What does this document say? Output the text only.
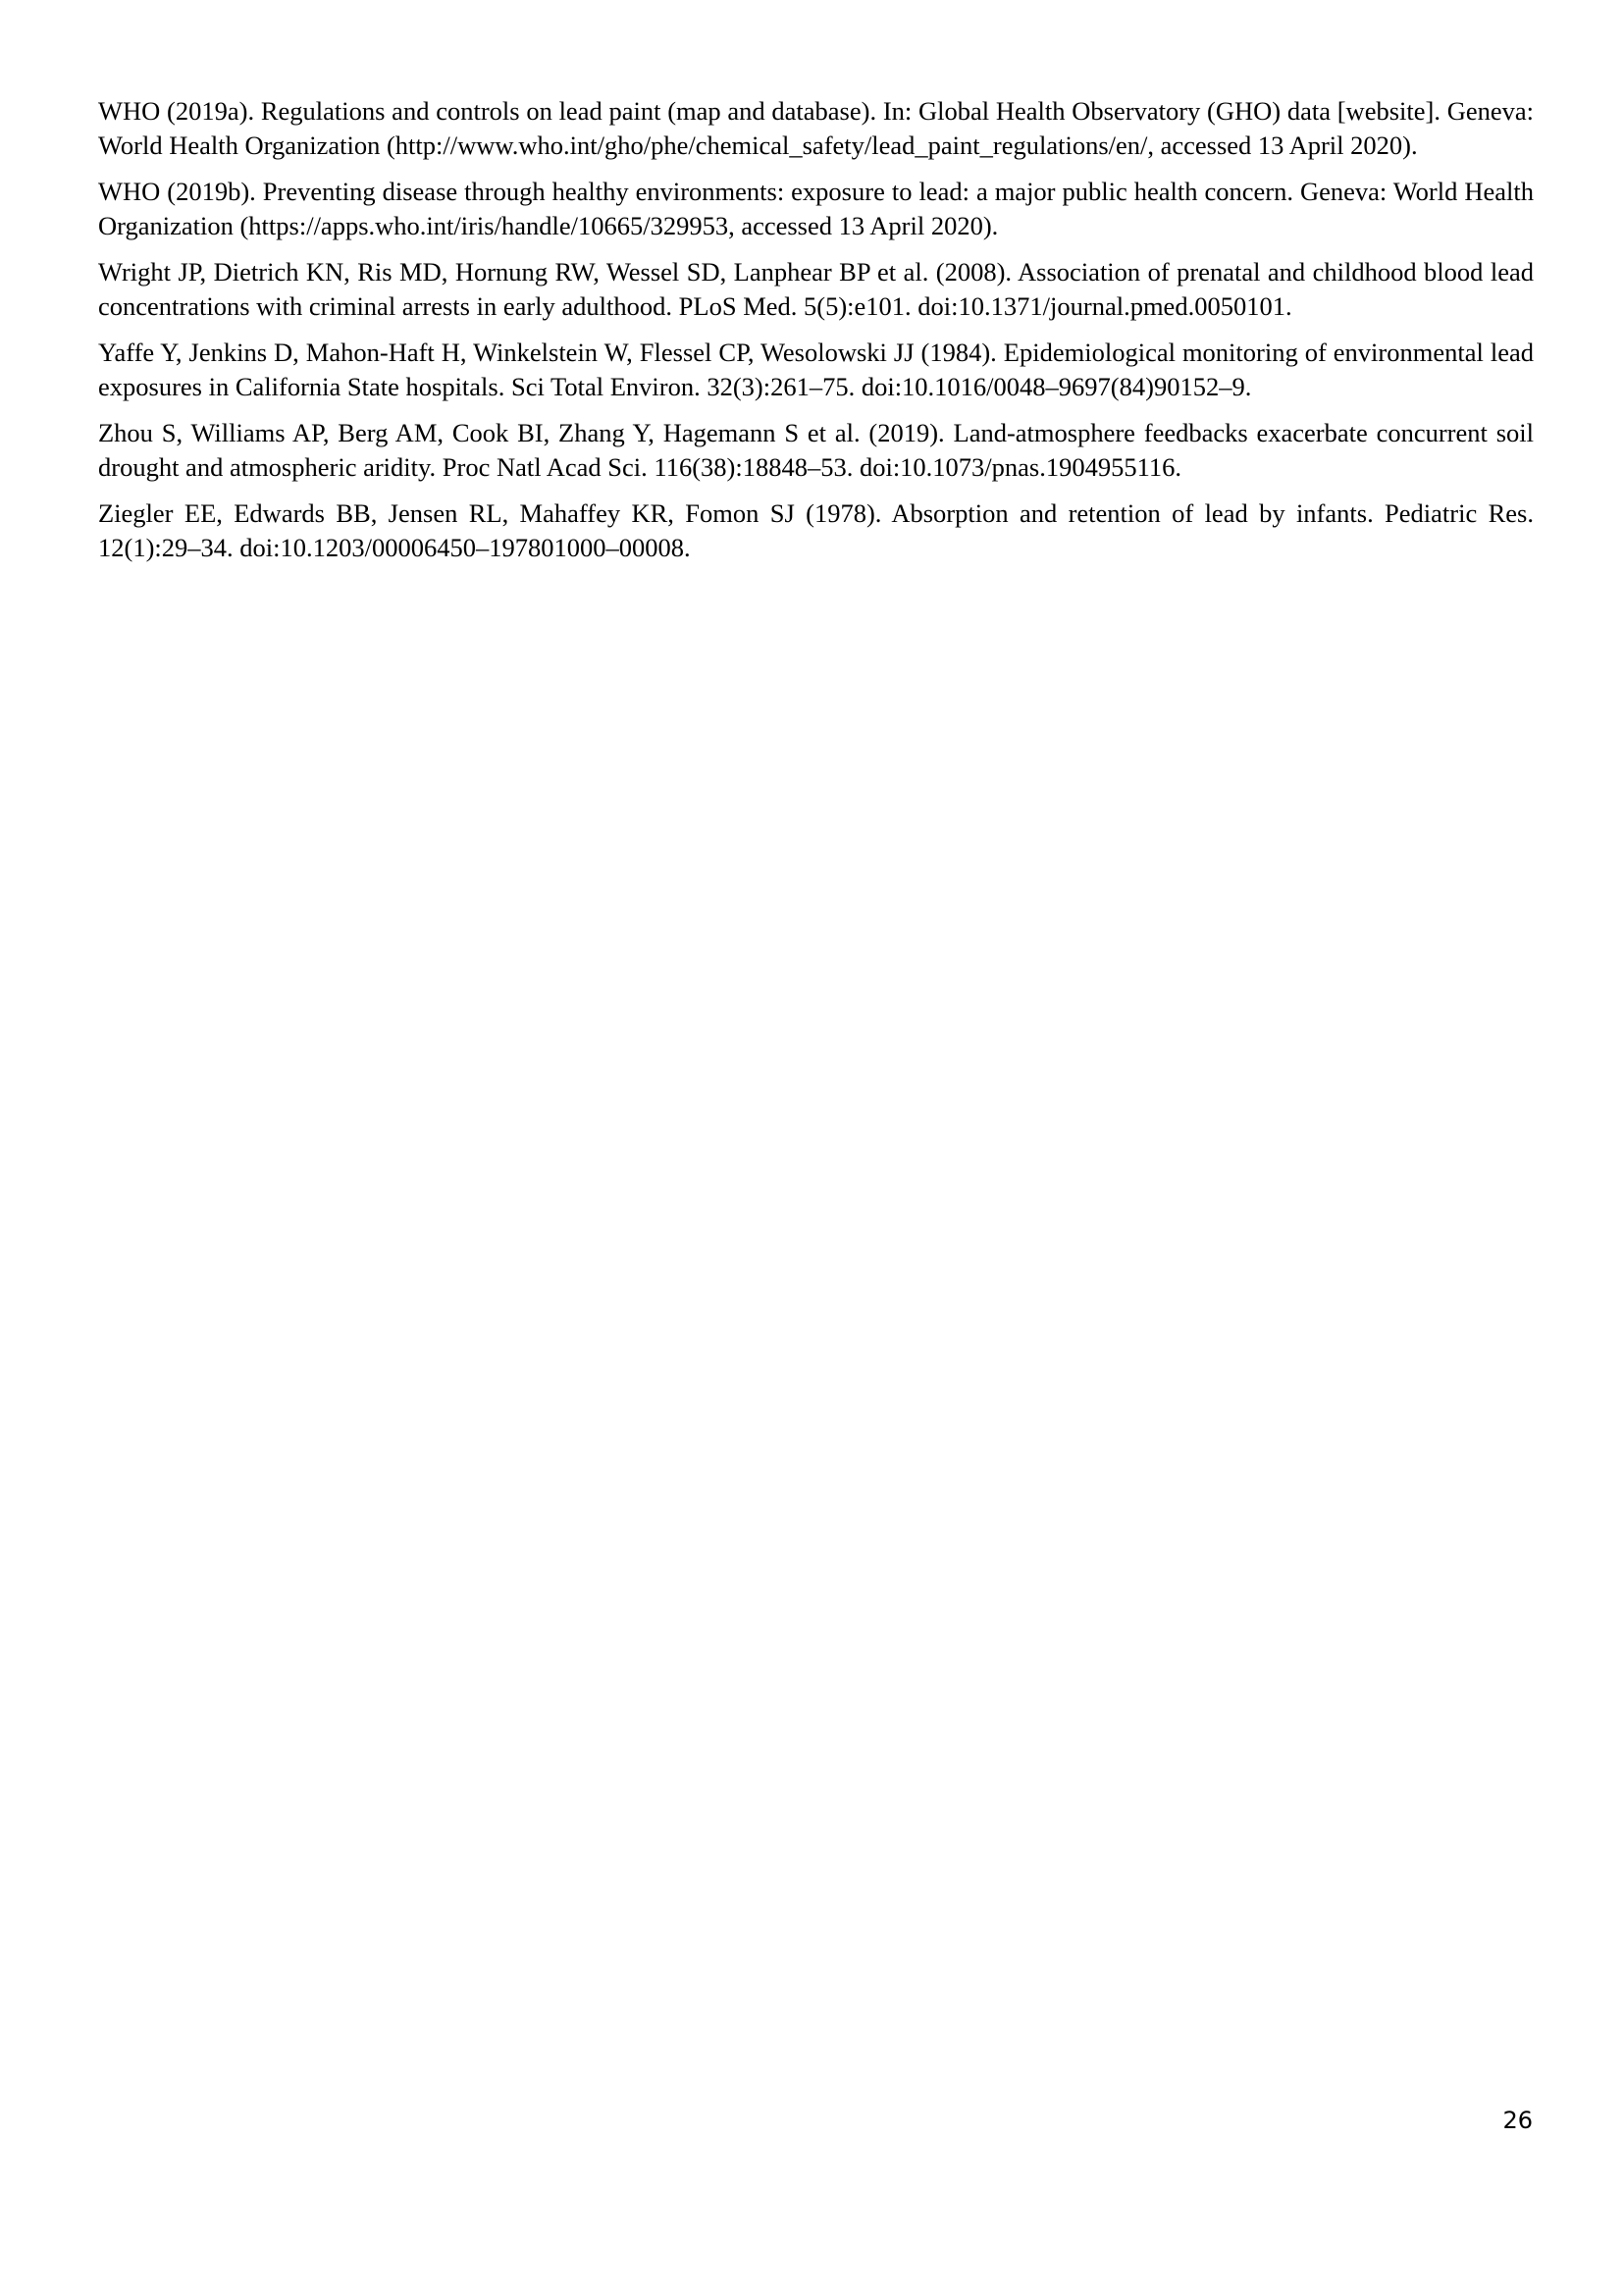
WHO (2019a). Regulations and controls on lead paint (map and database). In: Global Health Observatory (GHO) data [website]. Geneva: World Health Organization (http://www.who.int/gho/phe/chemical_safety/lead_paint_regulations/en/, accessed 13 April 2020).

WHO (2019b). Preventing disease through healthy environments: exposure to lead: a major public health concern. Geneva: World Health Organization (https://apps.who.int/iris/handle/10665/329953, accessed 13 April 2020).

Wright JP, Dietrich KN, Ris MD, Hornung RW, Wessel SD, Lanphear BP et al. (2008). Association of prenatal and childhood blood lead concentrations with criminal arrests in early adulthood. PLoS Med. 5(5):e101. doi:10.1371/journal.pmed.0050101.

Yaffe Y, Jenkins D, Mahon-Haft H, Winkelstein W, Flessel CP, Wesolowski JJ (1984). Epidemiological monitoring of environmental lead exposures in California State hospitals. Sci Total Environ. 32(3):261–75. doi:10.1016/0048–9697(84)90152–9.

Zhou S, Williams AP, Berg AM, Cook BI, Zhang Y, Hagemann S et al. (2019). Land-atmosphere feedbacks exacerbate concurrent soil drought and atmospheric aridity. Proc Natl Acad Sci. 116(38):18848–53. doi:10.1073/pnas.1904955116.

Ziegler EE, Edwards BB, Jensen RL, Mahaffey KR, Fomon SJ (1978). Absorption and retention of lead by infants. Pediatric Res. 12(1):29–34. doi:10.1203/00006450–197801000–00008.

26
